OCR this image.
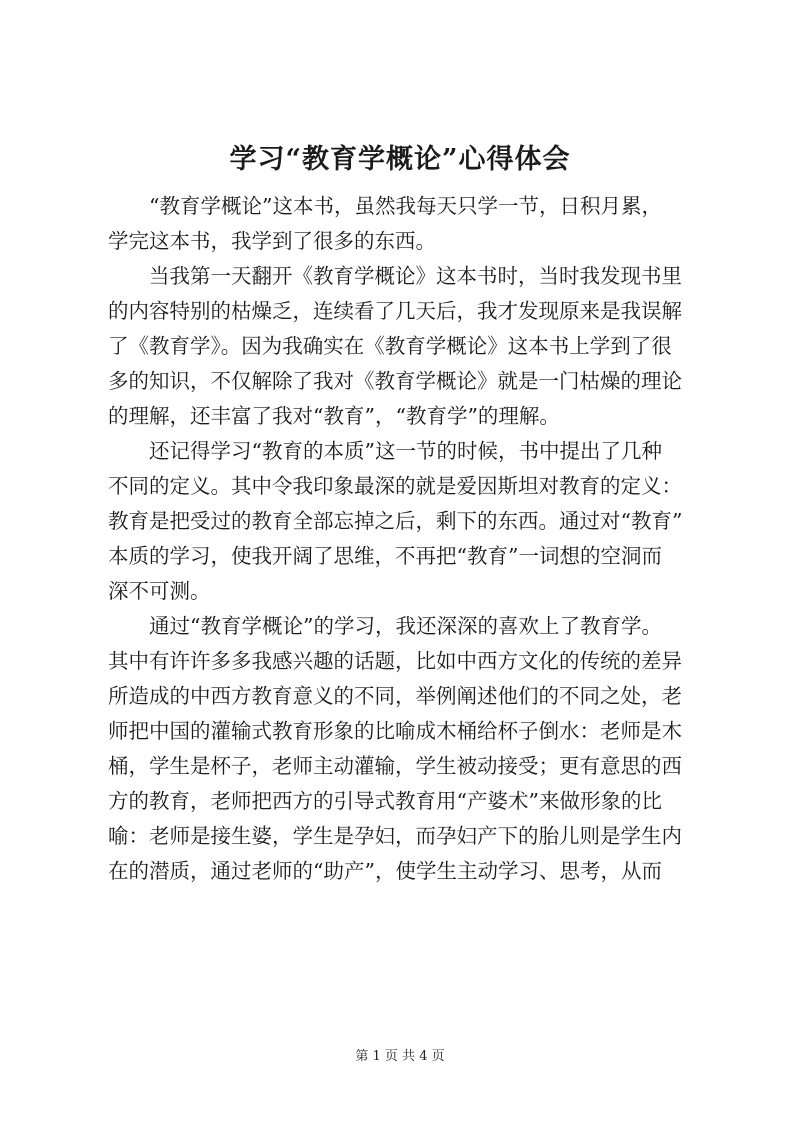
学习“教育学概论”心得体会
“教育学概论”这本书，虽然我每天只学一节，日积月累，
学完这本书，我学到了很多的东西。
当我第一天翻开《教育学概论》这本书时，当时我发现书里
的内容特别的枯燥乏，连续看了几天后，我才发现原来是我误解
了《教育学》。因为我确实在《教育学概论》这本书上学到了很
多的知识，不仅解除了我对《教育学概论》就是一门枯燥的理论
的理解，还丰富了我对“教育”，“教育学”的理解。
还记得学习“教育的本质”这一节的时候，书中提出了几种
不同的定义。其中令我印象最深的就是爱因斯坦对教育的定义：
教育是把受过的教育全部忘掉之后，剩下的东西。通过对“教育”
本质的学习，使我开阔了思维，不再把“教育”一词想的空洞而
深不可测。
通过“教育学概论”的学习，我还深深的喜欢上了教育学。
其中有许许多多我感兴趣的话题，比如中西方文化的传统的差异
所造成的中西方教育意义的不同，举例阐述他们的不同之处，老
师把中国的灌输式教育形象的比喻成木桶给杯子倒水：老师是木
桶，学生是杯子，老师主动灌输，学生被动接受；更有意思的西
方的教育，老师把西方的引导式教育用“产婆术”来做形象的比
喻：老师是接生婆，学生是孕妇，而孕妇产下的胎儿则是学生内
在的潜质，通过老师的“助产”，使学生主动学习、思考，从而
第 1 页 共 4 页
